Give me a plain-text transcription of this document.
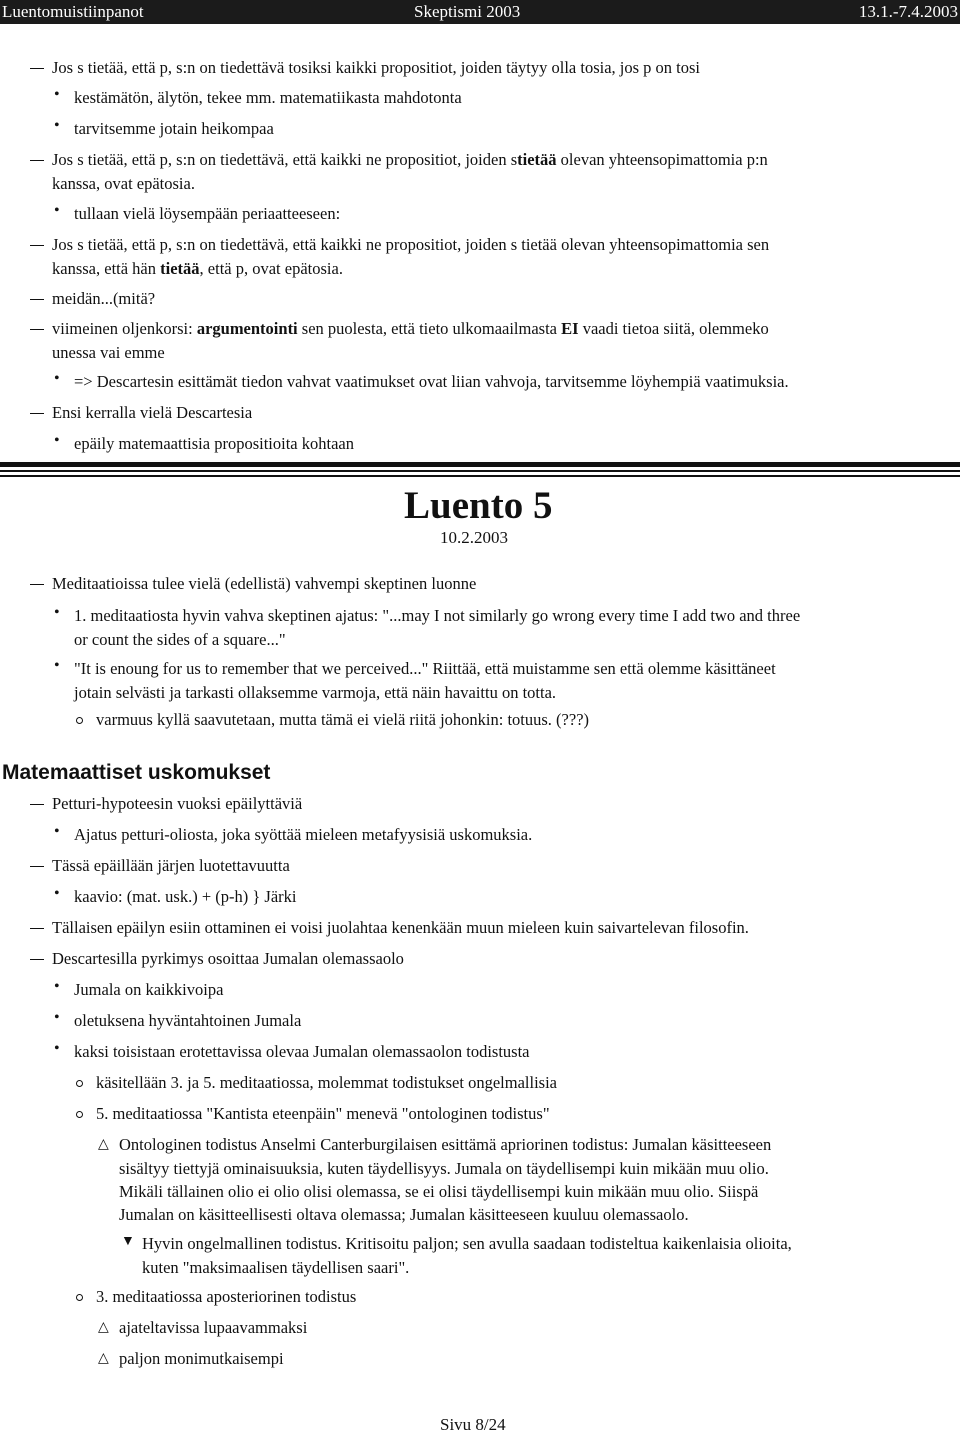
Luentomuistiinpanot	Skeptismi 2003	13.1.-7.4.2003
Jos s tietää, että p, s:n on tiedettävä tosiksi kaikki propositiot, joiden täytyy olla tosia, jos p on tosi
• kestämätön, älytön, tekee mm. matematiikasta mahdotonta
• tarvitsemme jotain heikompaa
Jos s tietää, että p, s:n on tiedettävä, että kaikki ne propositiot, joiden stietää olevan yhteensopimattomia p:n
kanssa, ovat epätosia.
• tullaan vielä löysempään periaatteeseen:
Jos s tietää, että p, s:n on tiedettävä, että kaikki ne propositiot, joiden s tietää olevan yhteensopimattomia sen
kanssa, että hän tietää, että p, ovat epätosia.
meidän...(mitä?
viimeinen oljenkorsi: argumentointi sen puolesta, että tieto ulkomaailmasta EI vaadi tietoa siitä, olemmeko
unessa vai emme
• => Descartesin esittämät tiedon vahvat vaatimukset ovat liian vahvoja, tarvitsemme löyhempiä vaatimuksia.
Ensi kerralla vielä Descartesia
• epäily matemaattisia propositioita kohtaan
Luento 5
10.2.2003
Meditaatioissa tulee vielä (edellistä) vahvempi skeptinen luonne
• 1. meditaatiosta hyvin vahva skeptinen ajatus: "...may I not similarly go wrong every time I add two and three
or count the sides of a square..."
• "It is enoung for us to remember that we perceived..." Riittää, että muistamme sen että olemme käsittäneet
jotain selvästi ja tarkasti ollaksemme varmoja, että näin havaittu on totta.
varmuus kyllä saavutetaan, mutta tämä ei vielä riitä johonkin: totuus. (???)
Matemaattiset uskomukset
Petturi-hypoteesin vuoksi epäilyttäviä
• Ajatus petturi-oliosta, joka syöttää mieleen metafyysisiä uskomuksia.
Tässä epäillään järjen luotettavuutta
• kaavio: (mat. usk.) + (p-h) } Järki
Tällaisen epäilyn esiin ottaminen ei voisi juolahtaa kenenkään muun mieleen kuin saivartelevan filosofin.
Descartesilla pyrkimys osoittaa Jumalan olemassaolo
• Jumala on kaikkivoipa
• oletuksena hyväntahtoinen Jumala
• kaksi toisistaan erotettavissa olevaa Jumalan olemassaolon todistusta
käsitellään 3. ja 5. meditaatiossa, molemmat todistukset ongelmallisia
5. meditaatiossa "Kantista eteenpäin" menevä "ontologinen todistus"
△ Ontologinen todistus Anselmi Canterburgilaisen esittämä apriorinen todistus: Jumalan käsitteeseen
sisältyy tiettyjä ominaisuuksia, kuten täydellisyys. Jumala on täydellisempi kuin mikään muu olio.
Mikäli tällainen olio ei olio olisi olemassa, se ei olisi täydellisempi kuin mikään muu olio. Siispä
Jumalan on käsitteellisesti oltava olemassa; Jumalan käsitteeseen kuuluu olemassaolo.
▼ Hyvin ongelmallinen todistus. Kritisoitu paljon; sen avulla saadaan todisteltua kaikenlaisia olioita,
kuten "maksimaalisen täydellisen saari".
3. meditaatiossa aposteriorinen todistus
△ ajateltavissa lupaavammaksi
△ paljon monimutkaisempi
Sivu 8/24
